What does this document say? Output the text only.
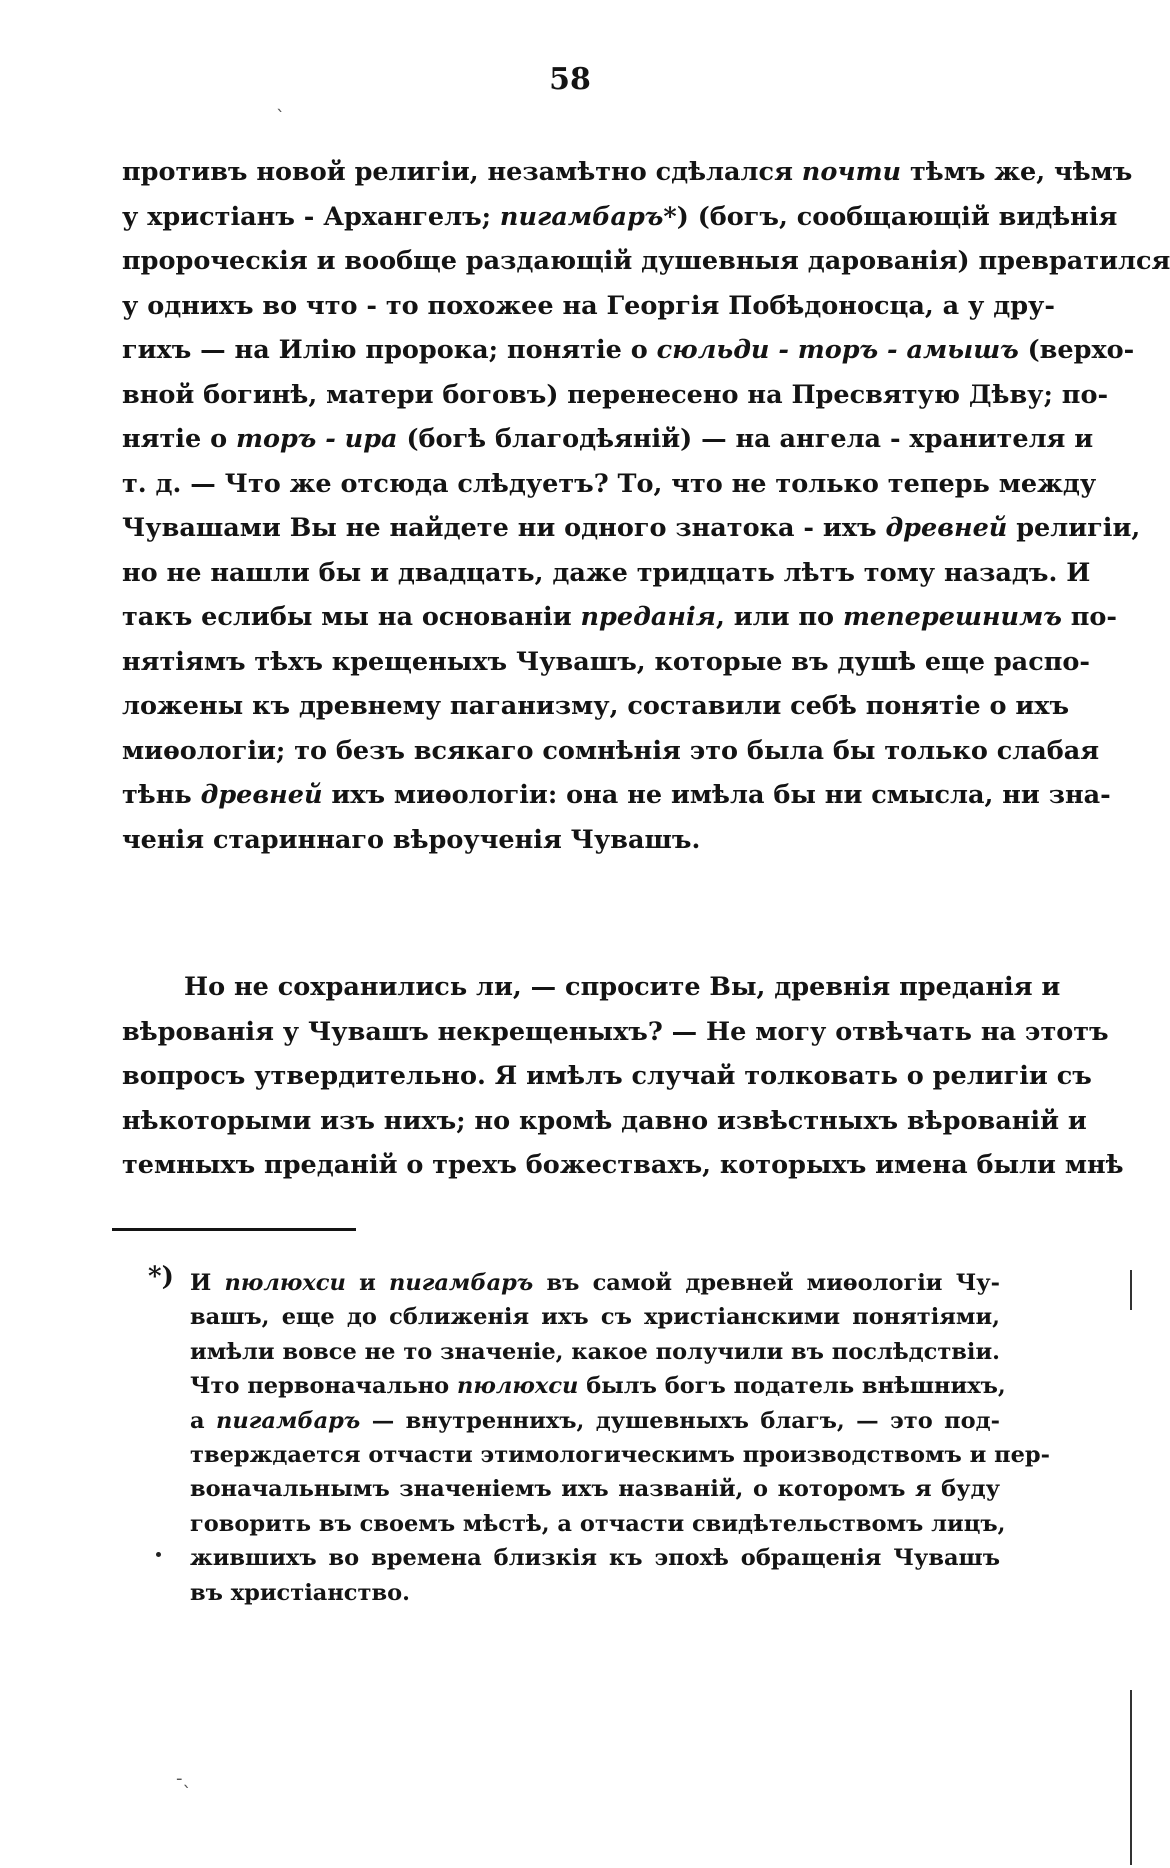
58
ˎ
‐ˎ
противъ новой религіи, незамѣтно сдѣлался почти тѣмъ же, чѣмъ
у христіанъ - Архангелъ; пигамбаръ*) (богъ, сообщающій видѣнія
пророческія и вообще раздающій душевныя дарованія) превратился
у однихъ во что - то похожее на Георгія Побѣдоносца, а у дру-
гихъ — на Илію пророка; понятіе о сюльди - торъ - амышъ (верхо-
вной богинѣ, матери боговъ) перенесено на Пресвятую Дѣву; по-
нятіе о торъ - ира (богѣ благодѣяній) — на ангела - хранителя и
т. д. — Что же отсюда слѣдуетъ? То, что не только теперь между
Чувашами Вы не найдете ни одного знатока - ихъ древней религіи,
но не нашли бы и двадцать, даже тридцать лѣтъ тому назадъ. И
такъ еслибы мы на основаніи преданія, или по теперешнимъ по-
нятіямъ тѣхъ крещеныхъ Чувашъ, которые въ душѣ еще распо-
ложены къ древнему паганизму, составили себѣ понятіе о ихъ
миѳологіи; то безъ всякаго сомнѣнія это была бы только слабая
тѣнь древней ихъ миѳологіи: она не имѣла бы ни смысла, ни зна-
ченія стариннаго вѣроученія Чувашъ.
Но не сохранились ли, — спросите Вы, древнія преданія и
вѣрованія у Чувашъ некрещеныхъ? — Не могу отвѣчать на этотъ
вопросъ утвердительно. Я имѣлъ случай толковать о религіи съ
нѣкоторыми изъ нихъ; но кромѣ давно извѣстныхъ вѣрованій и
темныхъ преданій о трехъ божествахъ, которыхъ имена были мнѣ
*) И пюлюхси и пигамбаръ въ самой древней миѳологіи Чу-
вашъ, еще до сближенія ихъ съ христіанскими понятіями,
имѣли вовсе не то значеніе, какое получили въ послѣдствіи.
Что первоначально пюлюхси былъ богъ податель внѣшнихъ,
а пигамбаръ — внутреннихъ, душевныхъ благъ, — это под-
тверждается отчасти этимологическимъ производствомъ и пер-
воначальнымъ значеніемъ ихъ названій, о которомъ я буду
говорить въ своемъ мѣстѣ, а отчасти свидѣтельствомъ лицъ,
жившихъ во времена близкія къ эпохѣ обращенія Чувашъ
въ христіанство.
